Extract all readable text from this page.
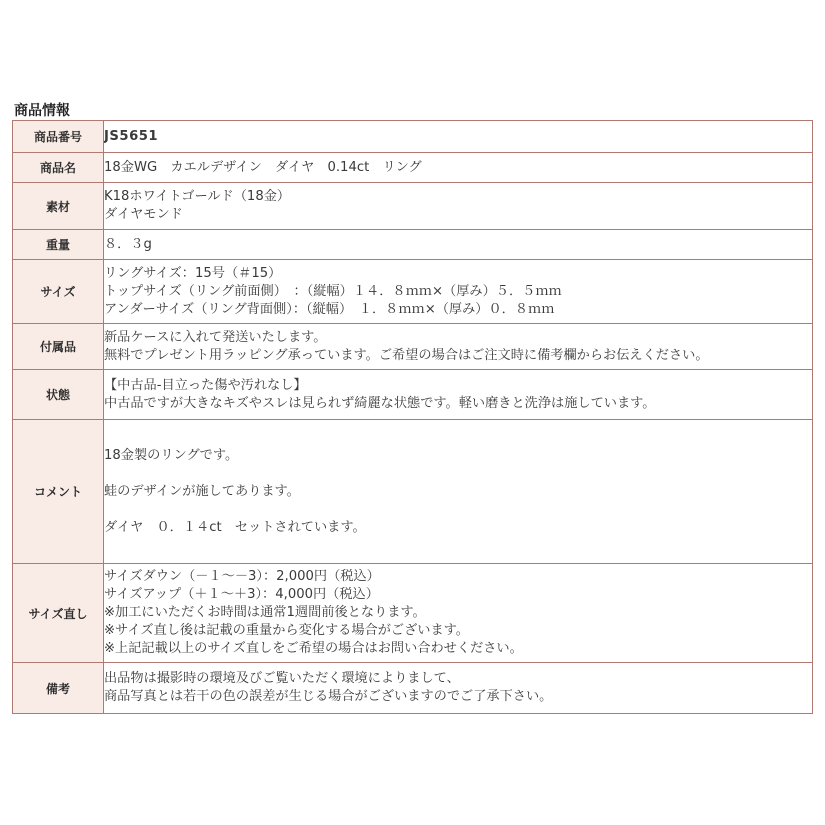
商品情報
商品番号	JS5651

商品名	18金WG　カエルデザイン　ダイヤ　0.14ct　リング

素材	K18ホワイトゴールド（18金）
ダイヤモンド

重量	８．３g

サイズ	リングサイズ：15号（＃15）
トップサイズ（リング前面側）　：（縦幅）１４．８ｍｍ×（厚み）５．５ｍｍ
アンダーサイズ（リング背面側）：（縦幅）　１．８ｍｍ×（厚み）０．８ｍｍ

付属品	新品ケースに入れて発送いたします。
無料でプレゼント用ラッピング承っています。ご希望の場合はご注文時に備考欄からお伝えください。

状態	【中古品-目立った傷や汚れなし】
中古品ですが大きなキズやスレは見られず綺麗な状態です。軽い磨きと洗浄は施しています。

コメント	18金製のリングです。
蛙のデザインが施してあります。
ダイヤ　０．１４ct　セットされています。

サイズ直し	サイズダウン（－１～－3）：2,000円（税込）
サイズアップ（＋１～＋3）：4,000円（税込）
※加工にいただくお時間は通常1週間前後となります。
※サイズ直し後は記載の重量から変化する場合がございます。
※上記記載以上のサイズ直しをご希望の場合はお問い合わせください。

備考	出品物は撮影時の環境及びご覧いただく環境によりまして、
商品写真とは若干の色の誤差が生じる場合がございますのでご了承下さい。
